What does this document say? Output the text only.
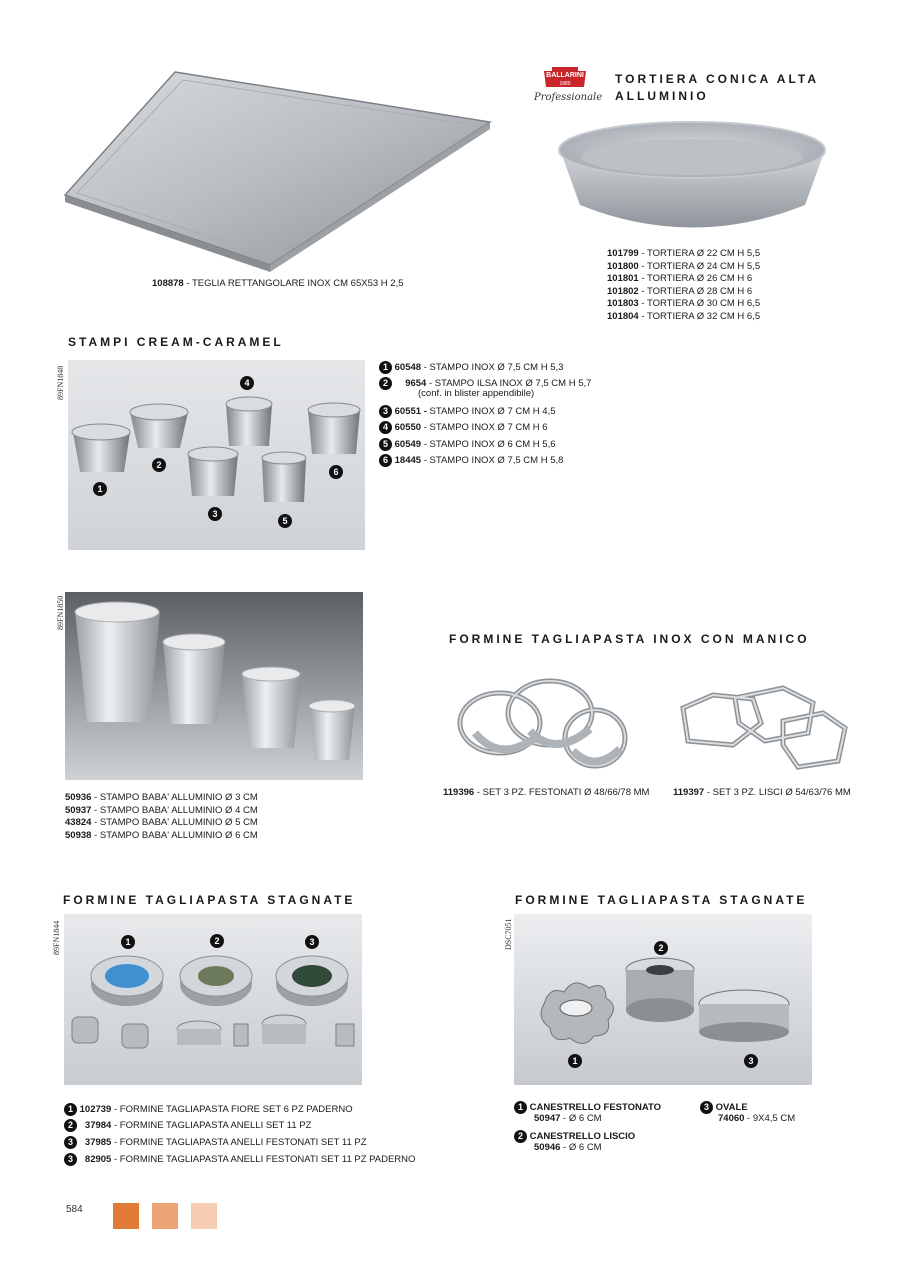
108878 - TEGLIA RETTANGOLARE INOX CM 65X53 H 2,5
BALLARINI
1889
Professionale
TORTIERA CONICA ALTA
ALLUMINIO
101799 - TORTIERA Ø 22 CM H 5,5
101800 - TORTIERA Ø 24 CM H 5,5
101801 - TORTIERA Ø 26 CM H 6
101802 - TORTIERA Ø 28 CM H 6
101803 - TORTIERA Ø 30 CM H 6,5
101804 - TORTIERA Ø 32 CM H 6,5
STAMPI CREAM-CARAMEL
89FN1848
1
2
3
4
5
6
1 60548 - STAMPO INOX Ø 7,5 CM H 5,3
2 9654 - STAMPO ILSA INOX Ø 7,5 CM H 5,7
(conf. in blister appendibile)
3 60551 - STAMPO INOX Ø 7 CM H 4,5
4 60550 - STAMPO INOX Ø 7 CM H 6
5 60549 - STAMPO INOX Ø 6 CM H 5,6
6 18445 - STAMPO INOX Ø 7,5 CM H 5,8
89FN1850
50936 - STAMPO BABA' ALLUMINIO Ø 3 CM
50937 - STAMPO BABA' ALLUMINIO Ø 4 CM
43824 - STAMPO BABA' ALLUMINIO Ø 5 CM
50938 - STAMPO BABA' ALLUMINIO Ø 6 CM
FORMINE TAGLIAPASTA INOX CON MANICO
119396 - SET 3 PZ. FESTONATI Ø 48/66/78 MM 119397 - SET 3 PZ. LISCI Ø 54/63/76 MM
FORMINE TAGLIAPASTA STAGNATE
89FN1844	1	2	3
1 102739 - FORMINE TAGLIAPASTA FIORE SET 6 PZ PADERNO
2 37984 - FORMINE TAGLIAPASTA ANELLI SET 11 PZ
3 37985 - FORMINE TAGLIAPASTA ANELLI FESTONATI SET 11 PZ
3 82905 - FORMINE TAGLIAPASTA ANELLI FESTONATI SET 11 PZ PADERNO
FORMINE TAGLIAPASTA STAGNATE
DSC7051	2
1	3
1 CANESTRELLO FESTONATO
50947 - Ø 6 CM
2 CANESTRELLO LISCIO
50946 - Ø 6 CM
3 OVALE
74060 - 9X4,5 CM
584
